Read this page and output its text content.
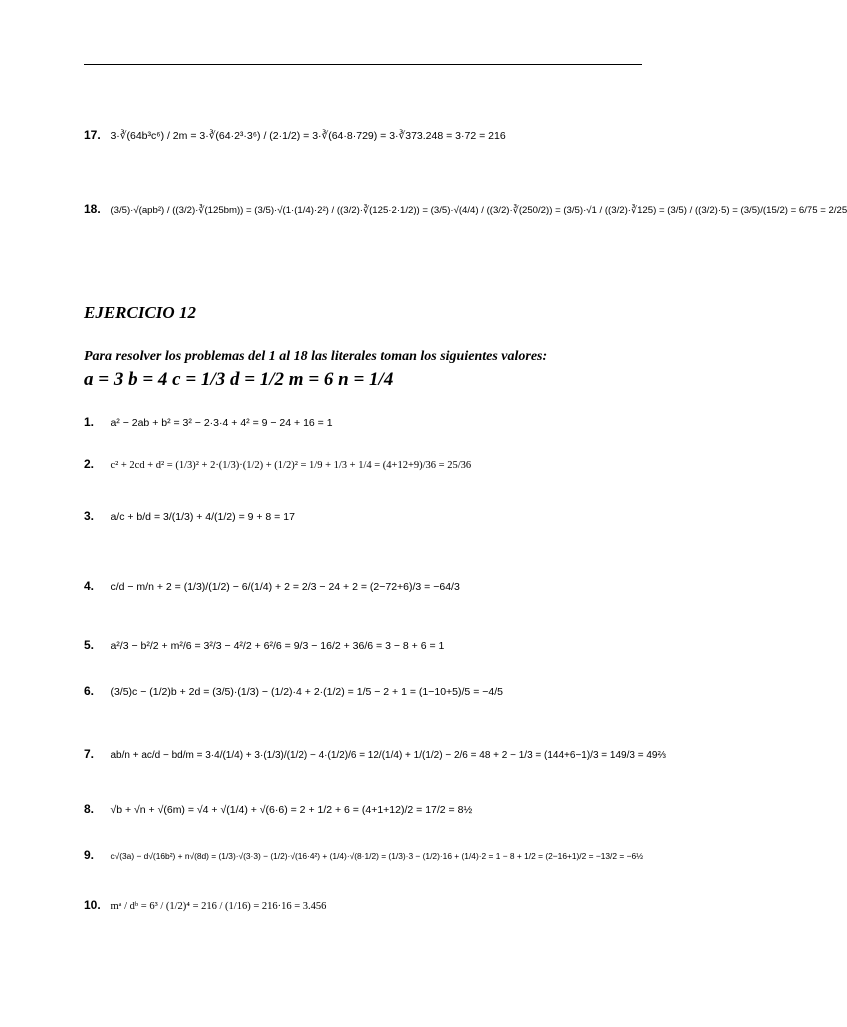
17. 3·∛(64b³c⁶) / 2m = 3·∛(64·2³·3⁶) / (2·1/2) = 3·∛(64·8·729) = 3·∛373.248 = 3·72 = 216
18. (3/5)·√(apb²) / ((3/2)·∛(125bm)) = (3/5)·√(1·(1/4)·2²) / ((3/2)·∛(125·2·1/2)) = (3/5)·√(4/4) / ((3/2)·∛(250/2)) = (3/5)·√1 / ((3/2)·∛125) = (3/5) / ((3/2)·5) = (3/5)/(15/2) = 6/75 = 2/25
EJERCICIO 12
Para resolver los problemas del 1 al 18 las literales toman los siguientes valores:
a = 3 b = 4 c = 1/3 d = 1/2 m = 6 n = 1/4
1. a² − 2ab + b² = 3² − 2·3·4 + 4² = 9 − 24 + 16 = 1
2. c² + 2cd + d² = (1/3)² + 2·(1/3)·(1/2) + (1/2)² = 1/9 + 1/3 + 1/4 = (4+12+9)/36 = 25/36
3. a/c + b/d = 3/(1/3) + 4/(1/2) = 9 + 8 = 17
4. c/d − m/n + 2 = (1/3)/(1/2) − 6/(1/4) + 2 = 2/3 − 24 + 2 = (2−72+6)/3 = −64/3
5. a²/3 − b²/2 + m²/6 = 3²/3 − 4²/2 + 6²/6 = 9/3 − 16/2 + 36/6 = 3 − 8 + 6 = 1
6. (3/5)c − (1/2)b + 2d = (3/5)·(1/3) − (1/2)·4 + 2·(1/2) = 1/5 − 2 + 1 = (1−10+5)/5 = −4/5
7. ab/n + ac/d − bd/m = 3·4/(1/4) + 3·(1/3)/(1/2) − 4·(1/2)/6 = 12/(1/4) + 1/(1/2) − 2/6 = 48 + 2 − 1/3 = (144+6−1)/3 = 149/3 = 49⅔
8. √b + √n + √(6m) = √4 + √(1/4) + √(6·6) = 2 + 1/2 + 6 = (4+1+12)/2 = 17/2 = 8½
9. c√(3a) − d√(16b²) + n√(8d) = (1/3)·√(3·3) − (1/2)·√(16·4²) + (1/4)·√(8·1/2) = (1/3)·3 − (1/2)·16 + (1/4)·2 = 1 − 8 + 1/2 = (2−16+1)/2 = −13/2 = −6½
10. mᵃ / dᵇ = 6³ / (1/2)⁴ = 216 / (1/16) = 216·16 = 3.456
